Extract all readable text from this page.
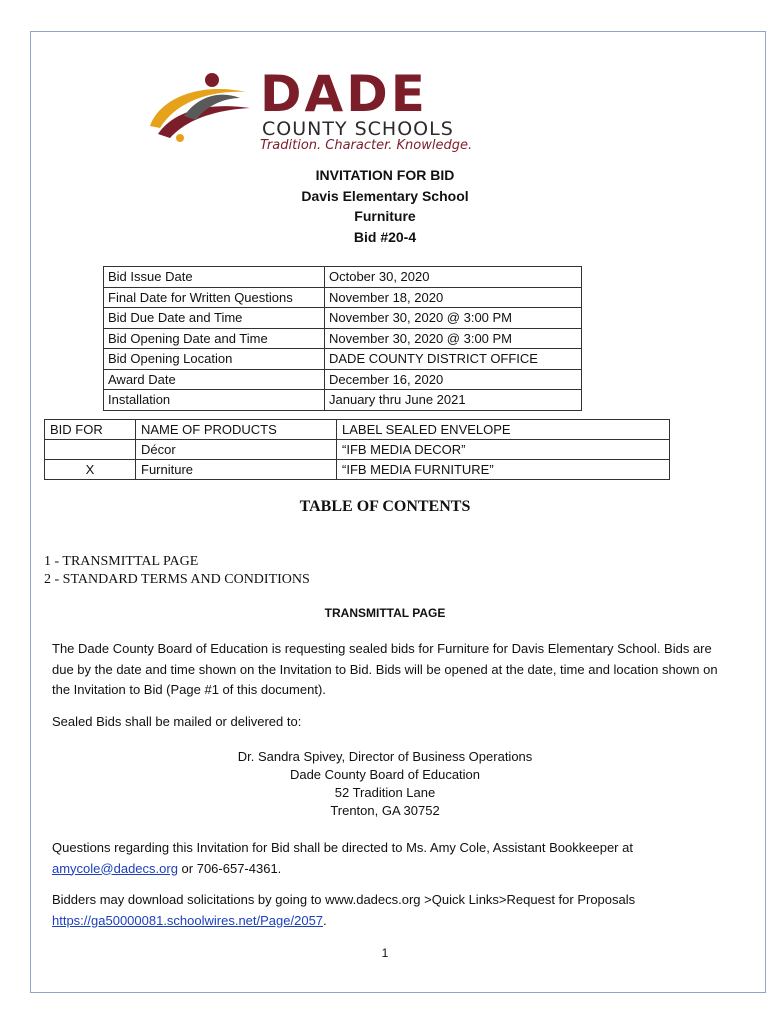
DADE
COUNTY SCHOOLS
Tradition. Character. Knowledge.
INVITATION FOR BID
Davis Elementary School
Furniture
Bid #20-4
Bid Issue Date	October 30, 2020
Final Date for Written Questions	November 18, 2020
Bid Due Date and Time	November 30, 2020 @ 3:00 PM
Bid Opening Date and Time	November 30, 2020 @ 3:00 PM
Bid Opening Location	DADE COUNTY DISTRICT OFFICE
Award Date	December 16, 2020
Installation	January thru June 2021
BID FOR	NAME OF PRODUCTS	LABEL SEALED ENVELOPE
	Décor	“IFB MEDIA DECOR”
X	Furniture	“IFB MEDIA FURNITURE”
TABLE OF CONTENTS
1 - TRANSMITTAL PAGE
2 - STANDARD TERMS AND CONDITIONS
TRANSMITTAL PAGE
The Dade County Board of Education is requesting sealed bids for Furniture for Davis Elementary School. Bids are due by the date and time shown on the Invitation to Bid. Bids will be opened at the date, time and location shown on the Invitation to Bid (Page #1 of this document).
Sealed Bids shall be mailed or delivered to:
Dr. Sandra Spivey, Director of Business Operations
Dade County Board of Education
52 Tradition Lane
Trenton, GA 30752
Questions regarding this Invitation for Bid shall be directed to Ms. Amy Cole, Assistant Bookkeeper at
amycole@dadecs.org or 706-657-4361.
Bidders may download solicitations by going to www.dadecs.org >Quick Links>Request for Proposals
https://ga50000081.schoolwires.net/Page/2057.
1
